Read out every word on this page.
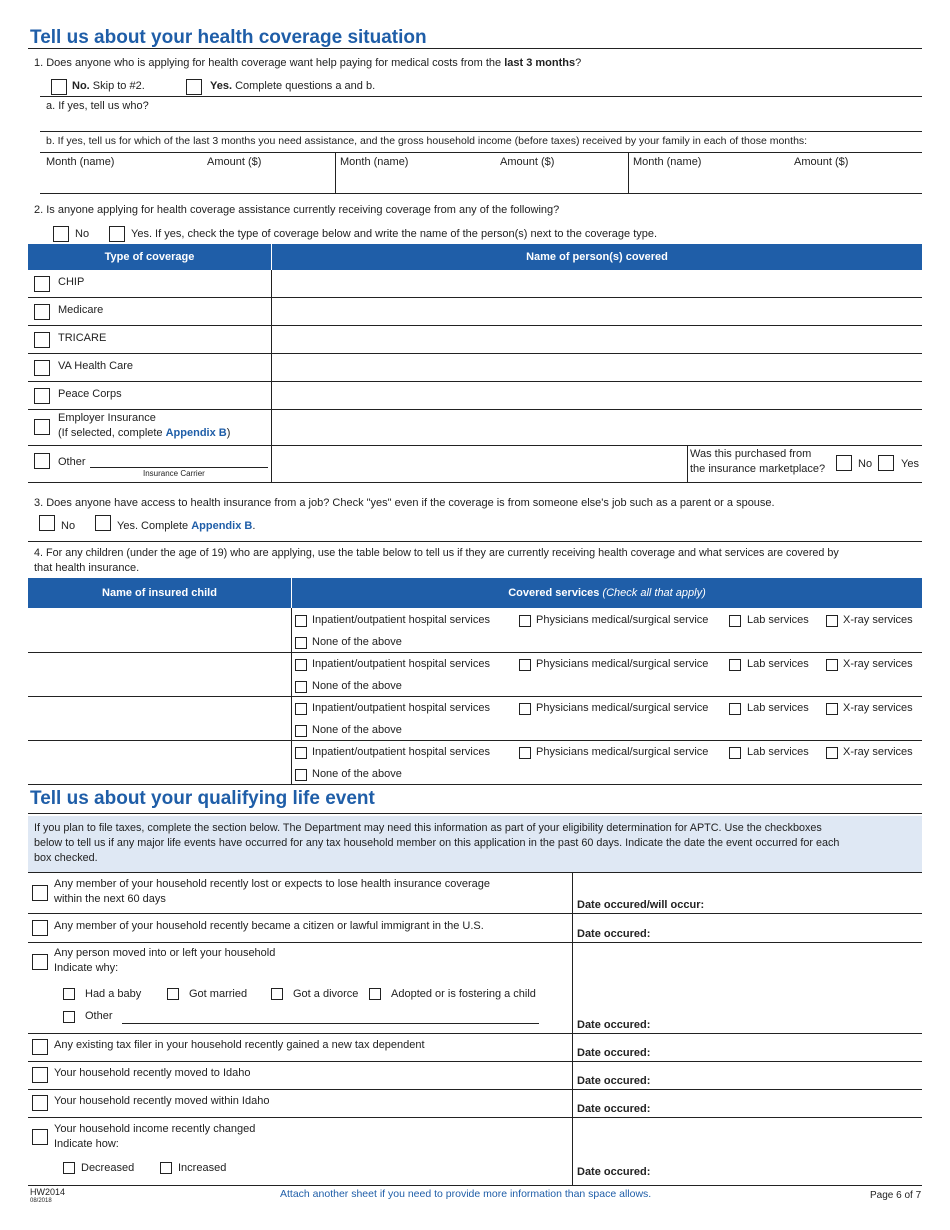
Tell us about your health coverage situation
1. Does anyone who is applying for health coverage want help paying for medical costs from the last 3 months?
No. Skip to #2.	Yes. Complete questions a and b.
a. If yes, tell us who?
b. If yes, tell us for which of the last 3 months you need assistance, and the gross household income (before taxes) received by your family in each of those months:
Month (name)	Amount ($)	Month (name)	Amount ($)	Month (name)	Amount ($)
2. Is anyone applying for health coverage assistance currently receiving coverage from any of the following?
No	Yes. If yes, check the type of coverage below and write the name of the person(s) next to the coverage type.
Type of coverage	Name of person(s) covered
CHIP
Medicare
TRICARE
VA Health Care
Peace Corps
Employer Insurance
(If selected, complete Appendix B)
Other
Insurance Carrier
Was this purchased from
the insurance marketplace?	No	Yes
3. Does anyone have access to health insurance from a job? Check "yes" even if the coverage is from someone else's job such as a parent or a spouse.
No	Yes. Complete Appendix B.
4. For any children (under the age of 19) who are applying, use the table below to tell us if they are currently receiving health coverage and what services are covered by
that health insurance.
Name of insured child	Covered services
(Check all that apply)
Inpatient/outpatient hospital services	Physicians medical/surgical service	Lab services	X-ray services
None of the above
Inpatient/outpatient hospital services	Physicians medical/surgical service	Lab services	X-ray services
None of the above
Inpatient/outpatient hospital services	Physicians medical/surgical service	Lab services	X-ray services
None of the above
Inpatient/outpatient hospital services	Physicians medical/surgical service	Lab services	X-ray services
None of the above
Tell us about your qualifying life event
If you plan to file taxes, complete the section below. The Department may need this information as part of your eligibility determination for APTC. Use the checkboxes
below to tell us if any major life events have occurred for any tax household member on this application in the past 60 days. Indicate the date the event occurred for each
box checked.
Any member of your household recently lost or expects to lose health insurance coverage
within the next 60 days	Date occured/will occur:
Any member of your household recently became a citizen or lawful immigrant in the U.S.
Date occured:
Any person moved into or left your household
Indicate why:
Had a baby	Got married	Got a divorce	Adopted or is fostering a child
Other
Date occured:
Any existing tax filer in your household recently gained a new tax dependent
Date occured:
Your household recently moved to Idaho
Date occured:
Your household recently moved within Idaho
Date occured:
Your household income recently changed
Indicate how:
Decreased	Increased	Date occured:
HW2014
08/2018
Attach another sheet if you need to provide more information than space allows.	Page 6 of 7
